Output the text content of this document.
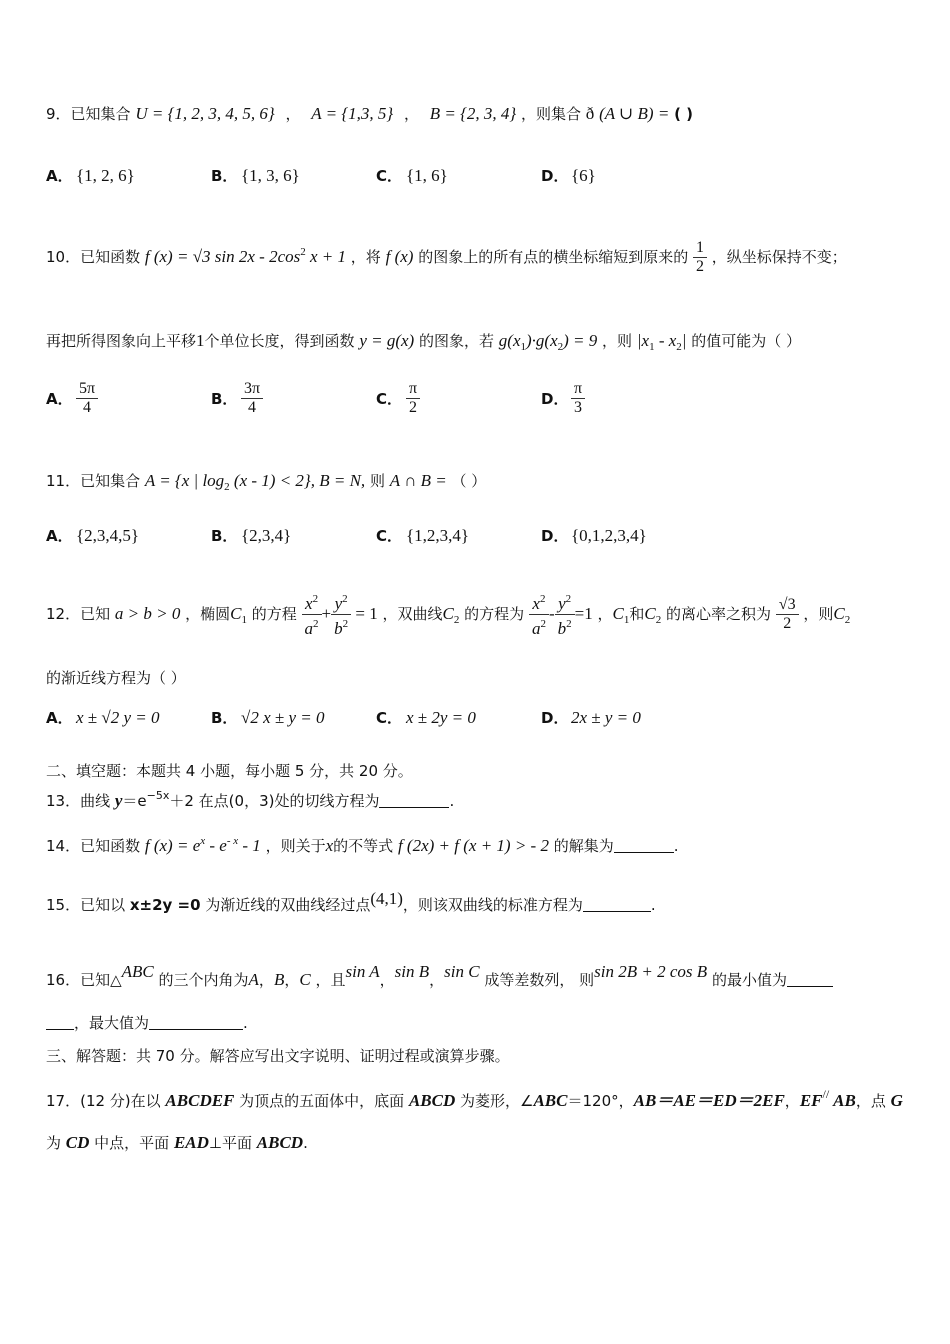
9．已知集合 U = {1, 2, 3, 4, 5, 6} ， A = {1,3, 5} ， B = {2, 3, 4} ，则集合 ð (A ∪ B) = ( )
A． {1, 2, 6}	B． {1, 3, 6}	C． {1, 6}	D． {6}
10．已知函数 f (x) = √3 $\sin 2x - 2\cos^2$ x + 1 ，将 f (x) 的图象上的所有点的横坐标缩短到原来的 $\frac{1}{2}$ ，纵坐标保持不变；
再把所得图象向上平移1个单位长度，得到函数 y = g(x) 的图象，若 $g(x_1)\cdot g(x_2) = 9$ ，则 $|x_1 - x_2|$ 的值可能为（ ）
A． $\frac{5\pi}{4}$	B． $\frac{3\pi}{4}$	C． $\frac{\pi}{2}$	D． $\frac{\pi}{3}$
11．已知集合 A = {x | $\log_2 (x - 1) < 2$}, B = N, 则 A ∩ B = （ ）
A． {2,3,4,5}	B． {2,3,4}	C． {1,2,3,4}	D． {0,1,2,3,4}
12．已知 a > b > 0 ，椭圆$C_1$ 的方程 $\frac{x^2}{a^2} + \frac{y^2}{b^2} = 1$ ，双曲线$C_2$ 的方程为 $\frac{x^2}{a^2} - \frac{y^2}{b^2} =1$ ，$C_1$和$C_2$ 的离心率之积为 $\frac{√3}{2}$ ，则$C_2$
的渐近线方程为（ ）
A． x ± √2 y = 0	B． √2 x ± y = 0	C． x ± 2y = 0	D． 2x ± y = 0
二、填空题：本题共 4 小题，每小题 5 分，共 20 分。
13．曲线 $y=e^{-5x}+2$ 在点(0，3)处的切线方程为	.
14．已知函数 f $(x) = e^x - e^{- x} - 1$ ，则关于x的不等式 f (2x) + f (x + 1) > - 2 的解集为	.
15．已知以 x±2y =0 为渐近线的双曲线经过点(4,1)，则该双曲线的标准方程为	.
16．已知△ABC 的三个内角为A，B，C ，且sin A，sin B，sin C 成等差数列， 则sin 2B + 2 cos B 的最小值为
，最大值为	.
三、解答题：共 70 分。解答应写出文字说明、证明过程或演算步骤。
17．(12 分)在以 ABCDEF 为顶点的五面体中，底面 ABCD 为菱形，∠ABC＝120°，AB＝AE＝ED＝2EF，EF// AB，点 G
为 CD 中点，平面 EAD⊥平面 ABCD.
